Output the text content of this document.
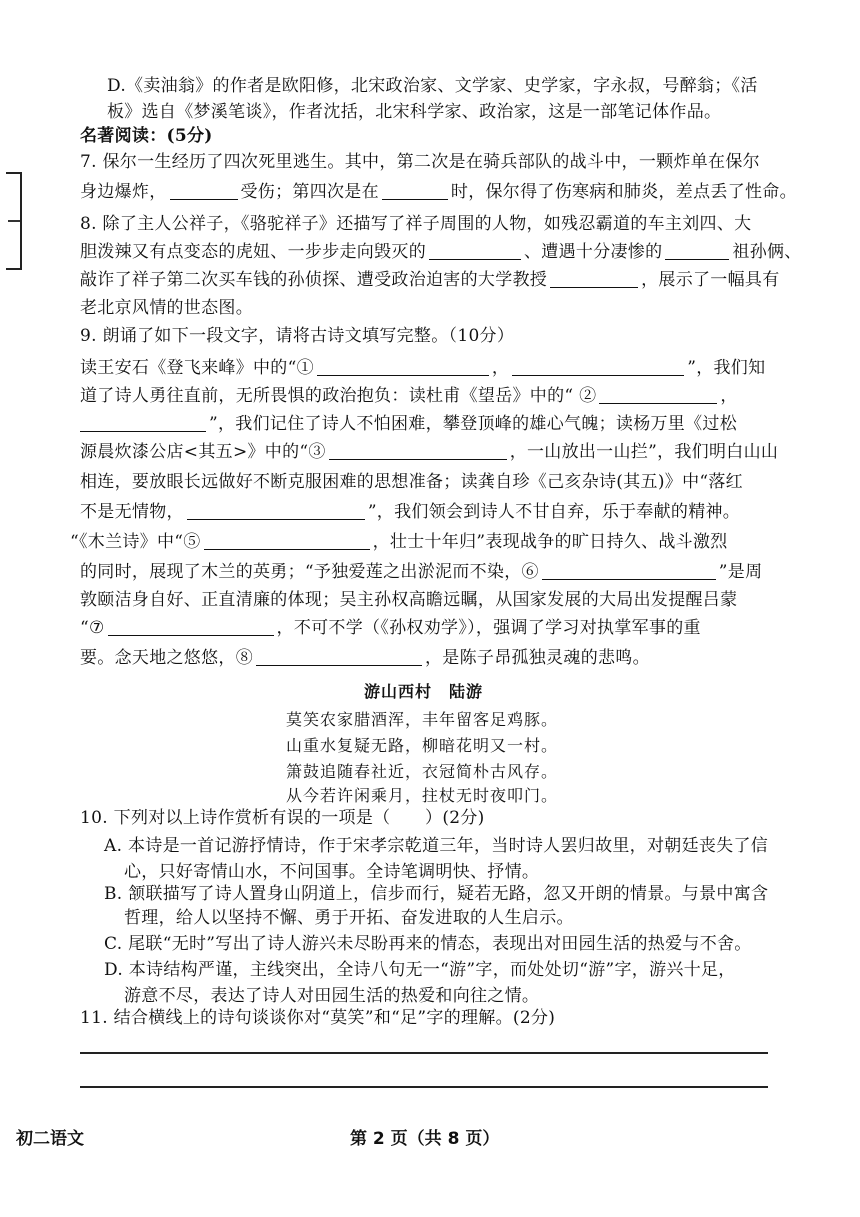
D.《卖油翁》的作者是欧阳修，北宋政治家、文学家、史学家，字永叔，号醉翁；《活
板》选自《梦溪笔谈》，作者沈括，北宋科学家、政治家，这是一部笔记体作品。
名著阅读：(5分)
7. 保尔一生经历了四次死里逃生。其中，第二次是在骑兵部队的战斗中，一颗炸单在保尔
身边爆炸，	受伤；第四次是在	时，保尔得了伤寒病和肺炎，差点丢了性命。
8. 除了主人公祥子，《骆驼祥子》还描写了祥子周围的人物，如残忍霸道的车主刘四、大
胆泼辣又有点变态的虎妞、一步步走向毁灭的	、遭遇十分凄惨的	祖孙俩、
敲诈了祥子第二次买车钱的孙侦探、遭受政治迫害的大学教授	，展示了一幅具有
老北京风情的世态图。
9. 朗诵了如下一段文字，请将古诗文填写完整。（10分）
读王安石《登飞来峰》中的“①	，	”，我们知
道了诗人勇往直前，无所畏惧的政治抱负：读杜甫《望岳》中的“ ②	，
”，我们记住了诗人不怕困难，攀登顶峰的雄心气魄；读杨万里《过松
源晨炊漆公店<其五>》中的“③	，一山放出一山拦”，我们明白山山
相连，要放眼长远做好不断克服困难的思想准备；读龚自珍《己亥杂诗(其五)》中“落红
不是无情物，	”，我们领会到诗人不甘自弃，乐于奉献的精神。
“《木兰诗》中“⑤	，壮士十年归”表现战争的旷日持久、战斗激烈
的同时，展现了木兰的英勇；“予独爱莲之出淤泥而不染，⑥	”是周
敦颐洁身自好、正直清廉的体现；吴主孙权高瞻远瞩，从国家发展的大局出发提醒吕蒙
“⑦	，不可不学（《孙权劝学》），强调了学习对执掌军事的重
要。念天地之悠悠，⑧	，是陈子昂孤独灵魂的悲鸣。
游山西村　陆游
莫笑农家腊酒浑，丰年留客足鸡豚。
山重水复疑无路，柳暗花明又一村。
箫鼓追随春社近，衣冠简朴古风存。
从今若许闲乘月，拄杖无时夜叩门。
10. 下列对以上诗作赏析有误的一项是（　　）(2分)
A. 本诗是一首记游抒情诗，作于宋孝宗乾道三年，当时诗人罢归故里，对朝廷丧失了信
心，只好寄情山水，不问国事。全诗笔调明快、抒情。
B. 颔联描写了诗人置身山阴道上，信步而行，疑若无路，忽又开朗的情景。与景中寓含
哲理，给人以坚持不懈、勇于开拓、奋发进取的人生启示。
C. 尾联“无时”写出了诗人游兴未尽盼再来的情态，表现出对田园生活的热爱与不舍。
D. 本诗结构严谨，主线突出，全诗八句无一“游”字，而处处切“游”字，游兴十足，
游意不尽，表达了诗人对田园生活的热爱和向往之情。
11. 结合横线上的诗句谈谈你对“莫笑”和“足”字的理解。(2分)
初二语文	第 2 页（共 8 页）
